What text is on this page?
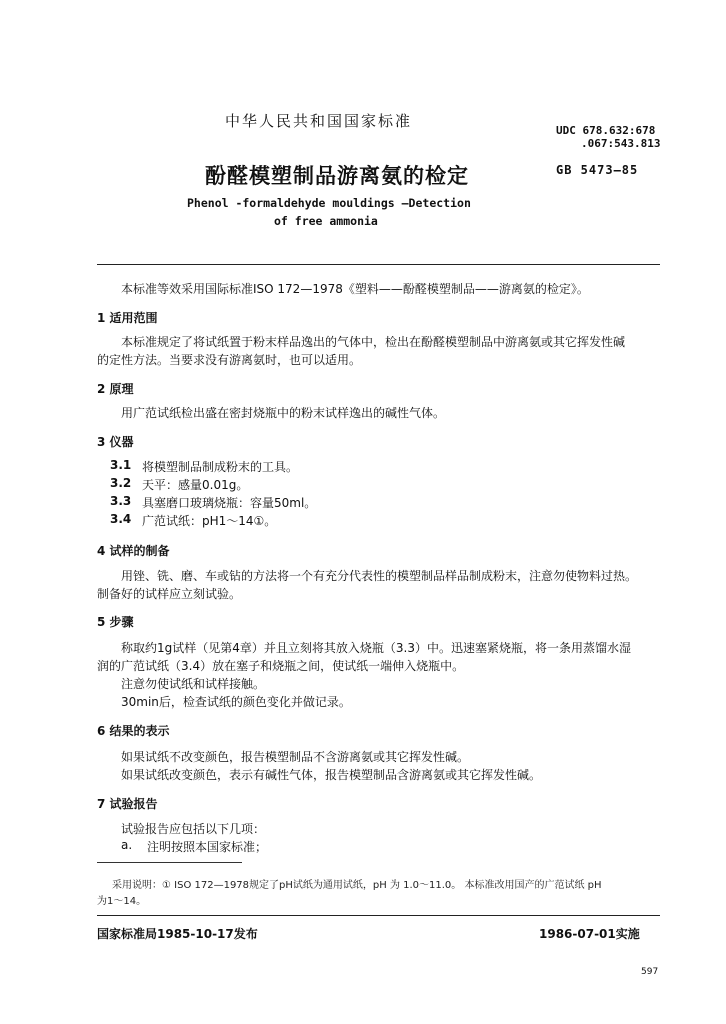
中华人民共和国国家标准
UDC 678.632:678
.067:543.813
酚醛模塑制品游离氨的检定	GB 5473—85
Phenol -formaldehyde mouldings —Detection
of free ammonia
本标准等效采用国际标准ISO 172—1978《塑料——酚醛模塑制品——游离氨的检定》。
1 适用范围
本标准规定了将试纸置于粉末样品逸出的气体中，检出在酚醛模塑制品中游离氨或其它挥发性碱
的定性方法。当要求没有游离氨时，也可以适用。
2 原理
用广范试纸检出盛在密封烧瓶中的粉末试样逸出的碱性气体。
3 仪器
3.1 将模塑制品制成粉末的工具。
3.2 天平：感量0.01g。
3.3 具塞磨口玻璃烧瓶：容量50ml。
3.4 广范试纸：pH1～14①。
4 试样的制备
用锉、铣、磨、车或钻的方法将一个有充分代表性的模塑制品样品制成粉末，注意勿使物料过热。
制备好的试样应立刻试验。
5 步骤
称取约1g试样（见第4章）并且立刻将其放入烧瓶（3.3）中。迅速塞紧烧瓶，将一条用蒸馏水湿
润的广范试纸（3.4）放在塞子和烧瓶之间，使试纸一端伸入烧瓶中。
注意勿使试纸和试样接触。
30min后，检查试纸的颜色变化并做记录。
6 结果的表示
如果试纸不改变颜色，报告模塑制品不含游离氨或其它挥发性碱。
如果试纸改变颜色，表示有碱性气体，报告模塑制品含游离氨或其它挥发性碱。
7 试验报告
试验报告应包括以下几项：
a. 注明按照本国家标准；
采用说明：① ISO 172—1978规定了pH试纸为通用试纸，pH 为 1.0～11.0。 本标准改用国产的广范试纸 pH
为1～14。
国家标准局1985-10-17发布	1986-07-01实施
597
